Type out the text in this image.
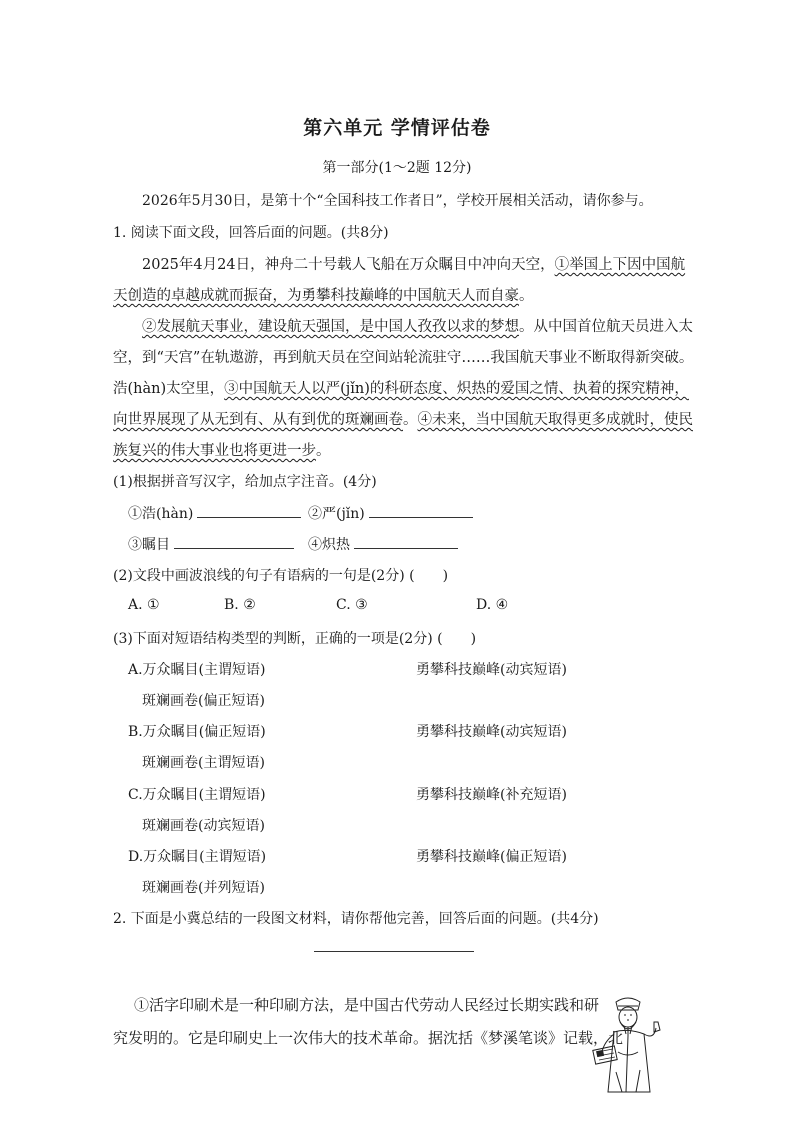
第六单元 学情评估卷
第一部分(1～2题 12分)
2026年5月30日，是第十个“全国科技工作者日”，学校开展相关活动，请你参与。
1. 阅读下面文段，回答后面的问题。(共8分)
2025年4月24日，神舟二十号载人飞船在万众瞩目中冲向天空，①举国上下因中国航
天创造的卓越成就而振奋，为勇攀科技巅峰的中国航天人而自豪。
②发展航天事业，建设航天强国，是中国人孜孜以求的梦想。从中国首位航天员进入太
空，到“天宫”在轨遨游，再到航天员在空间站轮流驻守……我国航天事业不断取得新突破。
浩(hàn)太空里，③中国航天人以严(jǐn)的科研态度、炽热的爱国之情、执着的探究精神，
向世界展现了从无到有、从有到优的斑斓画卷。④未来，当中国航天取得更多成就时，使民
族复兴的伟大事业也将更进一步。
(1)根据拼音写汉字，给加点字注音。(4分)
①浩(hàn)	②严(jǐn)
③瞩目	④炽热
(2)文段中画波浪线的句子有语病的一句是(2分) (　　)
A. ①	B. ②	C. ③	D. ④
(3)下面对短语结构类型的判断，正确的一项是(2分) (　　)
A.万众瞩目(主谓短语)	勇攀科技巅峰(动宾短语)
斑斓画卷(偏正短语)
B.万众瞩目(偏正短语)	勇攀科技巅峰(动宾短语)
斑斓画卷(主谓短语)
C.万众瞩目(主谓短语)	勇攀科技巅峰(补充短语)
斑斓画卷(动宾短语)
D.万众瞩目(主谓短语)	勇攀科技巅峰(偏正短语)
斑斓画卷(并列短语)
2. 下面是小冀总结的一段图文材料，请你帮他完善，回答后面的问题。(共4分)
①活字印刷术是一种印刷方法，是中国古代劳动人民经过长期实践和研
究发明的。它是印刷史上一次伟大的技术革命。据沈括《梦溪笔谈》记载，北
